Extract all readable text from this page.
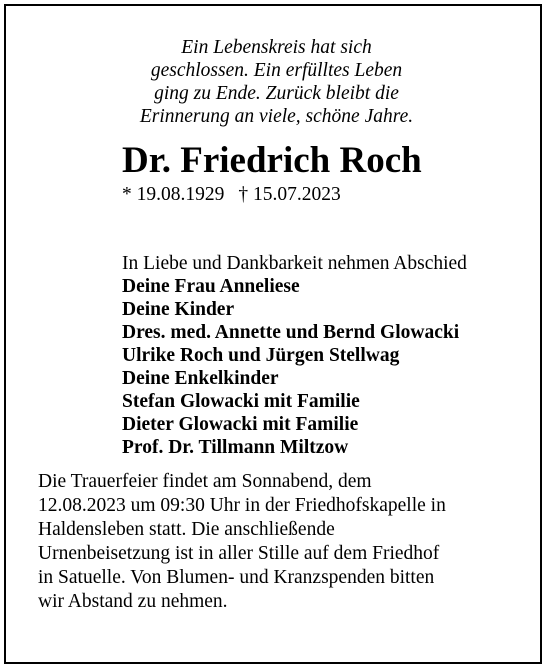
Ein Lebenskreis hat sich
geschlossen. Ein erfülltes Leben
ging zu Ende. Zurück bleibt die
Erinnerung an viele, schöne Jahre.
Dr. Friedrich Roch
* 19.08.1929 † 15.07.2023
In Liebe und Dankbarkeit nehmen Abschied
Deine Frau Anneliese
Deine Kinder
Dres. med. Annette und Bernd Glowacki
Ulrike Roch und Jürgen Stellwag
Deine Enkelkinder
Stefan Glowacki mit Familie
Dieter Glowacki mit Familie
Prof. Dr. Tillmann Miltzow
Die Trauerfeier findet am Sonnabend, dem
12.08.2023 um 09:30 Uhr in der Friedhofskapelle in
Haldensleben statt. Die anschließende
Urnenbeisetzung ist in aller Stille auf dem Friedhof
in Satuelle. Von Blumen- und Kranzspenden bitten
wir Abstand zu nehmen.
